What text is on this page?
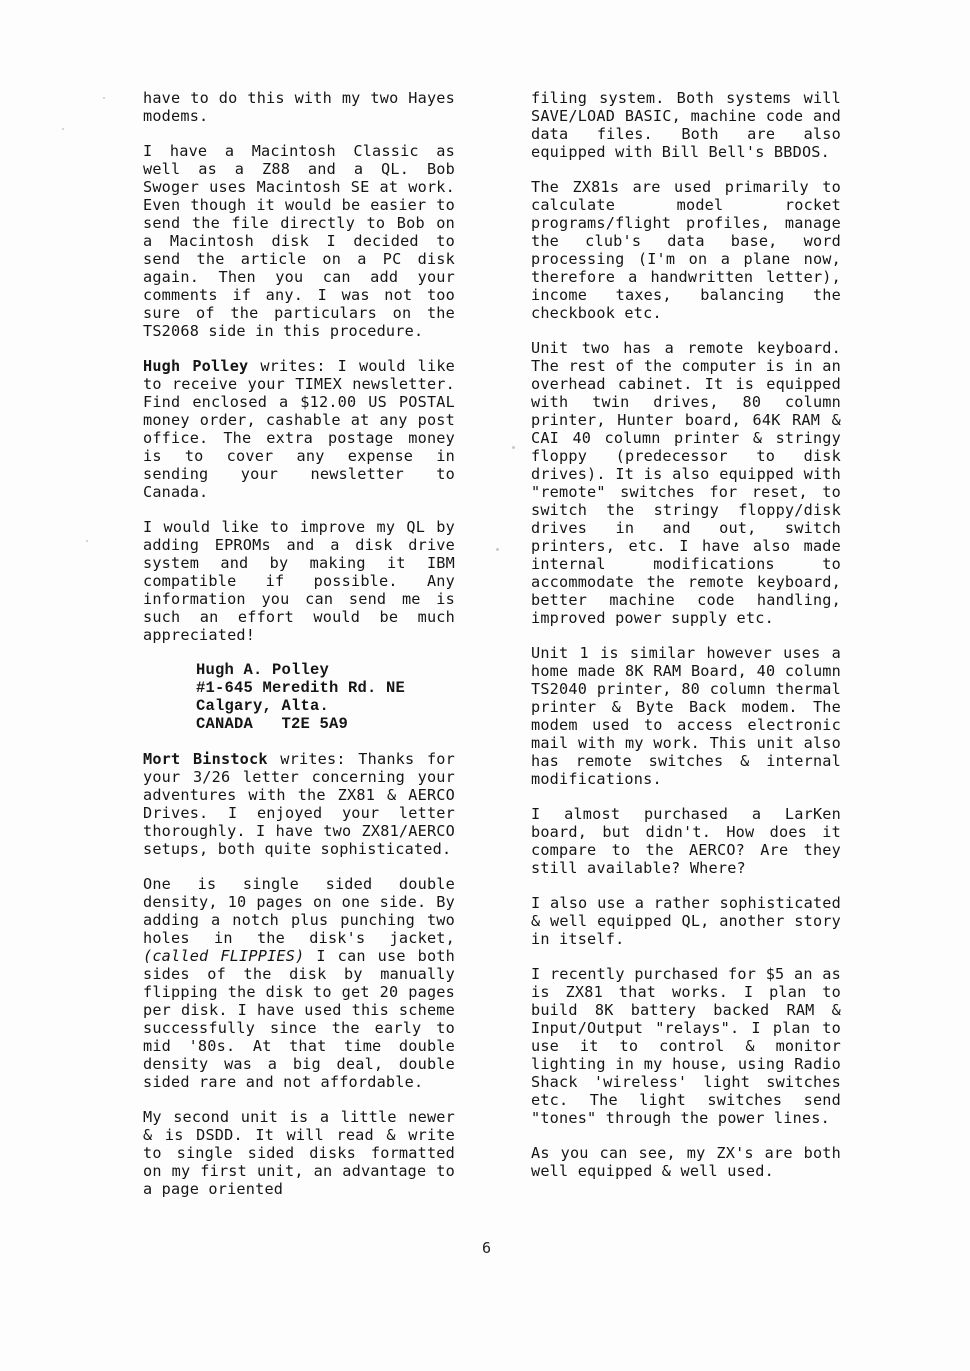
have to do this with my two Hayes modems.

I have a Macintosh Classic as well as a Z88 and a QL. Bob Swoger uses Macintosh SE at work. Even though it would be easier to send the file directly to Bob on a Macintosh disk I decided to send the article on a PC disk again. Then you can add your comments if any. I was not too sure of the particulars on the TS2068 side in this procedure.

Hugh Polley writes: I would like to receive your TIMEX newsletter. Find enclosed a $12.00 US POSTAL money order, cashable at any post office. The extra postage money is to cover any expense in sending your newsletter to Canada.

I would like to improve my QL by adding EPROMs and a disk drive system and by making it IBM compatible if possible. Any information you can send me is such an effort would be much appreciated!

Hugh A. Polley
#1-645 Meredith Rd. NE
Calgary, Alta.
CANADA   T2E 5A9

Mort Binstock writes: Thanks for your 3/26 letter concerning your adventures with the ZX81 & AERCO Drives. I enjoyed your letter thoroughly. I have two ZX81/AERCO setups, both quite sophisticated.

One is single sided double density, 10 pages on one side. By adding a notch plus punching two holes in the disk's jacket, (called FLIPPIES) I can use both sides of the disk by manually flipping the disk to get 20 pages per disk. I have used this scheme successfully since the early to mid '80s. At that time double density was a big deal, double sided rare and not affordable.

My second unit is a little newer & is DSDD. It will read & write to single sided disks formatted on my first unit, an advantage to a page oriented

filing system. Both systems will SAVE/LOAD BASIC, machine code and data files. Both are also equipped with Bill Bell's BBDOS.

The ZX81s are used primarily to calculate model rocket programs/flight profiles, manage the club's data base, word processing (I'm on a plane now, therefore a handwritten letter), income taxes, balancing the checkbook etc.

Unit two has a remote keyboard. The rest of the computer is in an overhead cabinet. It is equipped with twin drives, 80 column printer, Hunter board, 64K RAM & CAI 40 column printer & stringy floppy (predecessor to disk drives). It is also equipped with "remote" switches for reset, to switch the stringy floppy/disk drives in and out, switch printers, etc. I have also made internal modifications to accommodate the remote keyboard, better machine code handling, improved power supply etc.

Unit 1 is similar however uses a home made 8K RAM Board, 40 column TS2040 printer, 80 column thermal printer & Byte Back modem. The modem used to access electronic mail with my work. This unit also has remote switches & internal modifications.

I almost purchased a LarKen board, but didn't. How does it compare to the AERCO? Are they still available? Where?

I also use a rather sophisticated & well equipped QL, another story in itself.

I recently purchased for $5 an as is ZX81 that works. I plan to build 8K battery backed RAM & Input/Output "relays". I plan to use it to control & monitor lighting in my house, using Radio Shack 'wireless' light switches etc. The light switches send "tones" through the power lines.

As you can see, my ZX's are both well equipped & well used.

6
